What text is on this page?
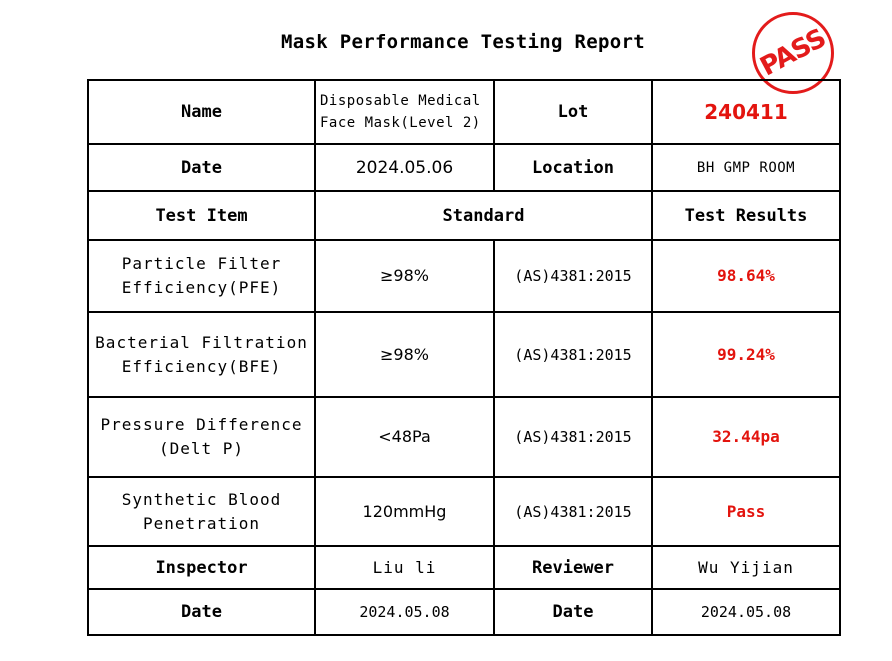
Mask Performance Testing Report	PASS
Name	Disposable Medical Face Mask(Level 2)	Lot	240411
Date	2024.05.06	Location	BH GMP ROOM
Test Item	Standard		Test Results
Particle Filter Efficiency(PFE)	≥98%	(AS)4381:2015	98.64%
Bacterial Filtration Efficiency(BFE)	≥98%	(AS)4381:2015	99.24%
Pressure Difference (Delt P)	<48Pa	(AS)4381:2015	32.44pa
Synthetic Blood Penetration	120mmHg	(AS)4381:2015	Pass
Inspector	Liu li	Reviewer	Wu Yijian
Date	2024.05.08	Date	2024.05.08
